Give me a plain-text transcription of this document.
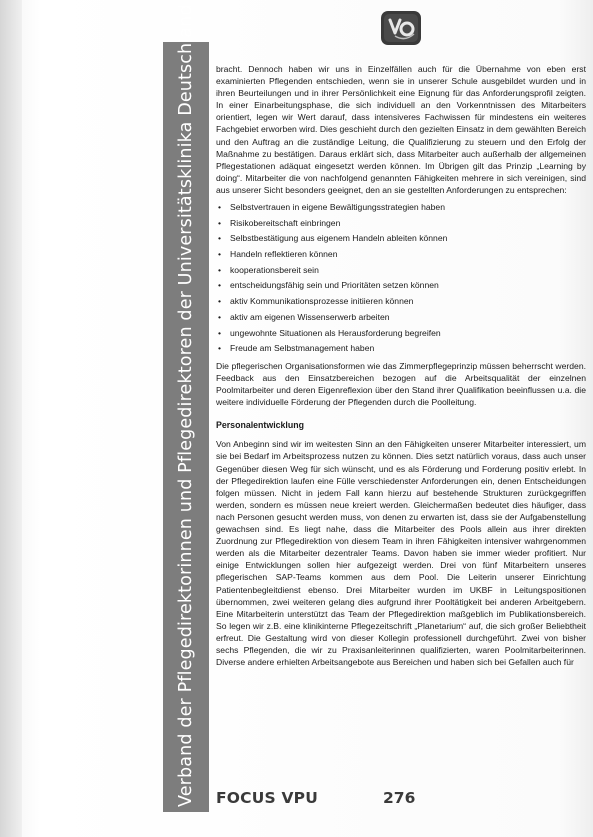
Verband der Pflegedirektorinnen und Pflegedirektoren der Universitätsklinika Deutschland bracht. Dennoch haben wir uns in Einzelfällen auch für die Übernahme von eben erst examinierten Pflegenden entschieden, wenn sie in unserer Schule ausgebildet wurden und in ihren Beurteilungen und in ihrer Persönlichkeit eine Eignung für das Anforderungsprofil zeigten. In einer Einarbeitungsphase, die sich individuell an den Vorkenntnissen des Mitarbeiters orientiert, legen wir Wert darauf, dass intensiveres Fachwissen für mindestens ein weiteres Fachgebiet erworben wird. Dies geschieht durch den gezielten Einsatz in dem gewählten Bereich und den Auftrag an die zuständige Leitung, die Qualifizierung zu steuern und den Erfolg der Maßnahme zu bestätigen. Daraus erklärt sich, dass Mitarbeiter auch außerhalb der allgemeinen Pflegestationen adäquat eingesetzt werden können. Im Übrigen gilt das Prinzip „Learning by doing“. Mitarbeiter die von nachfolgend genannten Fähigkeiten mehrere in sich vereinigen, sind aus unserer Sicht besonders geeignet, den an sie gestellten Anforderungen zu entsprechen:

• Selbstvertrauen in eigene Bewältigungsstrategien haben
• Risikobereitschaft einbringen
• Selbstbestätigung aus eigenem Handeln ableiten können
• Handeln reflektieren können
• kooperationsbereit sein
• entscheidungsfähig sein und Prioritäten setzen können
• aktiv Kommunikationsprozesse initiieren können
• aktiv am eigenen Wissenserwerb arbeiten
• ungewohnte Situationen als Herausforderung begreifen
• Freude am Selbstmanagement haben

Die pflegerischen Organisationsformen wie das Zimmerpflegeprinzip müssen beherrscht werden. Feedback aus den Einsatzbereichen bezogen auf die Arbeitsqualität der einzelnen Poolmitarbeiter und deren Eigenreflexion über den Stand ihrer Qualifikation beeinflussen u.a. die weitere individuelle Förderung der Pflegenden durch die Poolleitung.

Personalentwicklung

Von Anbeginn sind wir im weitesten Sinn an den Fähigkeiten unserer Mitarbeiter interessiert, um sie bei Bedarf im Arbeitsprozess nutzen zu können. Dies setzt natürlich voraus, dass auch unser Gegenüber diesen Weg für sich wünscht, und es als Förderung und Forderung positiv erlebt. In der Pflegedirektion laufen eine Fülle verschiedenster Anforderungen ein, denen Entscheidungen folgen müssen. Nicht in jedem Fall kann hierzu auf bestehende Strukturen zurückgegriffen werden, sondern es müssen neue kreiert werden. Gleichermaßen bedeutet dies häufiger, dass nach Personen gesucht werden muss, von denen zu erwarten ist, dass sie der Aufgabenstellung gewachsen sind. Es liegt nahe, dass die Mitarbeiter des Pools allein aus ihrer direkten Zuordnung zur Pflegedirektion von diesem Team in ihren Fähigkeiten intensiver wahrgenommen werden als die Mitarbeiter dezentraler Teams. Davon haben sie immer wieder profitiert. Nur einige Entwicklungen sollen hier aufgezeigt werden. Drei von fünf Mitarbeitern unseres pflegerischen SAP-Teams kommen aus dem Pool. Die Leiterin unserer Einrichtung Patientenbegleitdienst ebenso. Drei Mitarbeiter wurden im UKBF in Leitungspositionen übernommen, zwei weiteren gelang dies aufgrund ihrer Pooltätigkeit bei anderen Arbeitgebern. Eine Mitarbeiterin unterstützt das Team der Pflegedirektion maßgeblich im Publikationsbereich. So legen wir z.B. eine klinikinterne Pflegezeitschrift „Planetarium“ auf, die sich großer Beliebtheit erfreut. Die Gestaltung wird von dieser Kollegin professionell durchgeführt. Zwei von bisher sechs Pflegenden, die wir zu Praxisanleiterinnen qualifizierten, waren Poolmitarbeiterinnen. Diverse andere erhielten Arbeitsangebote aus Bereichen und haben sich bei Gefallen auch für

FOCUS VPU	276
